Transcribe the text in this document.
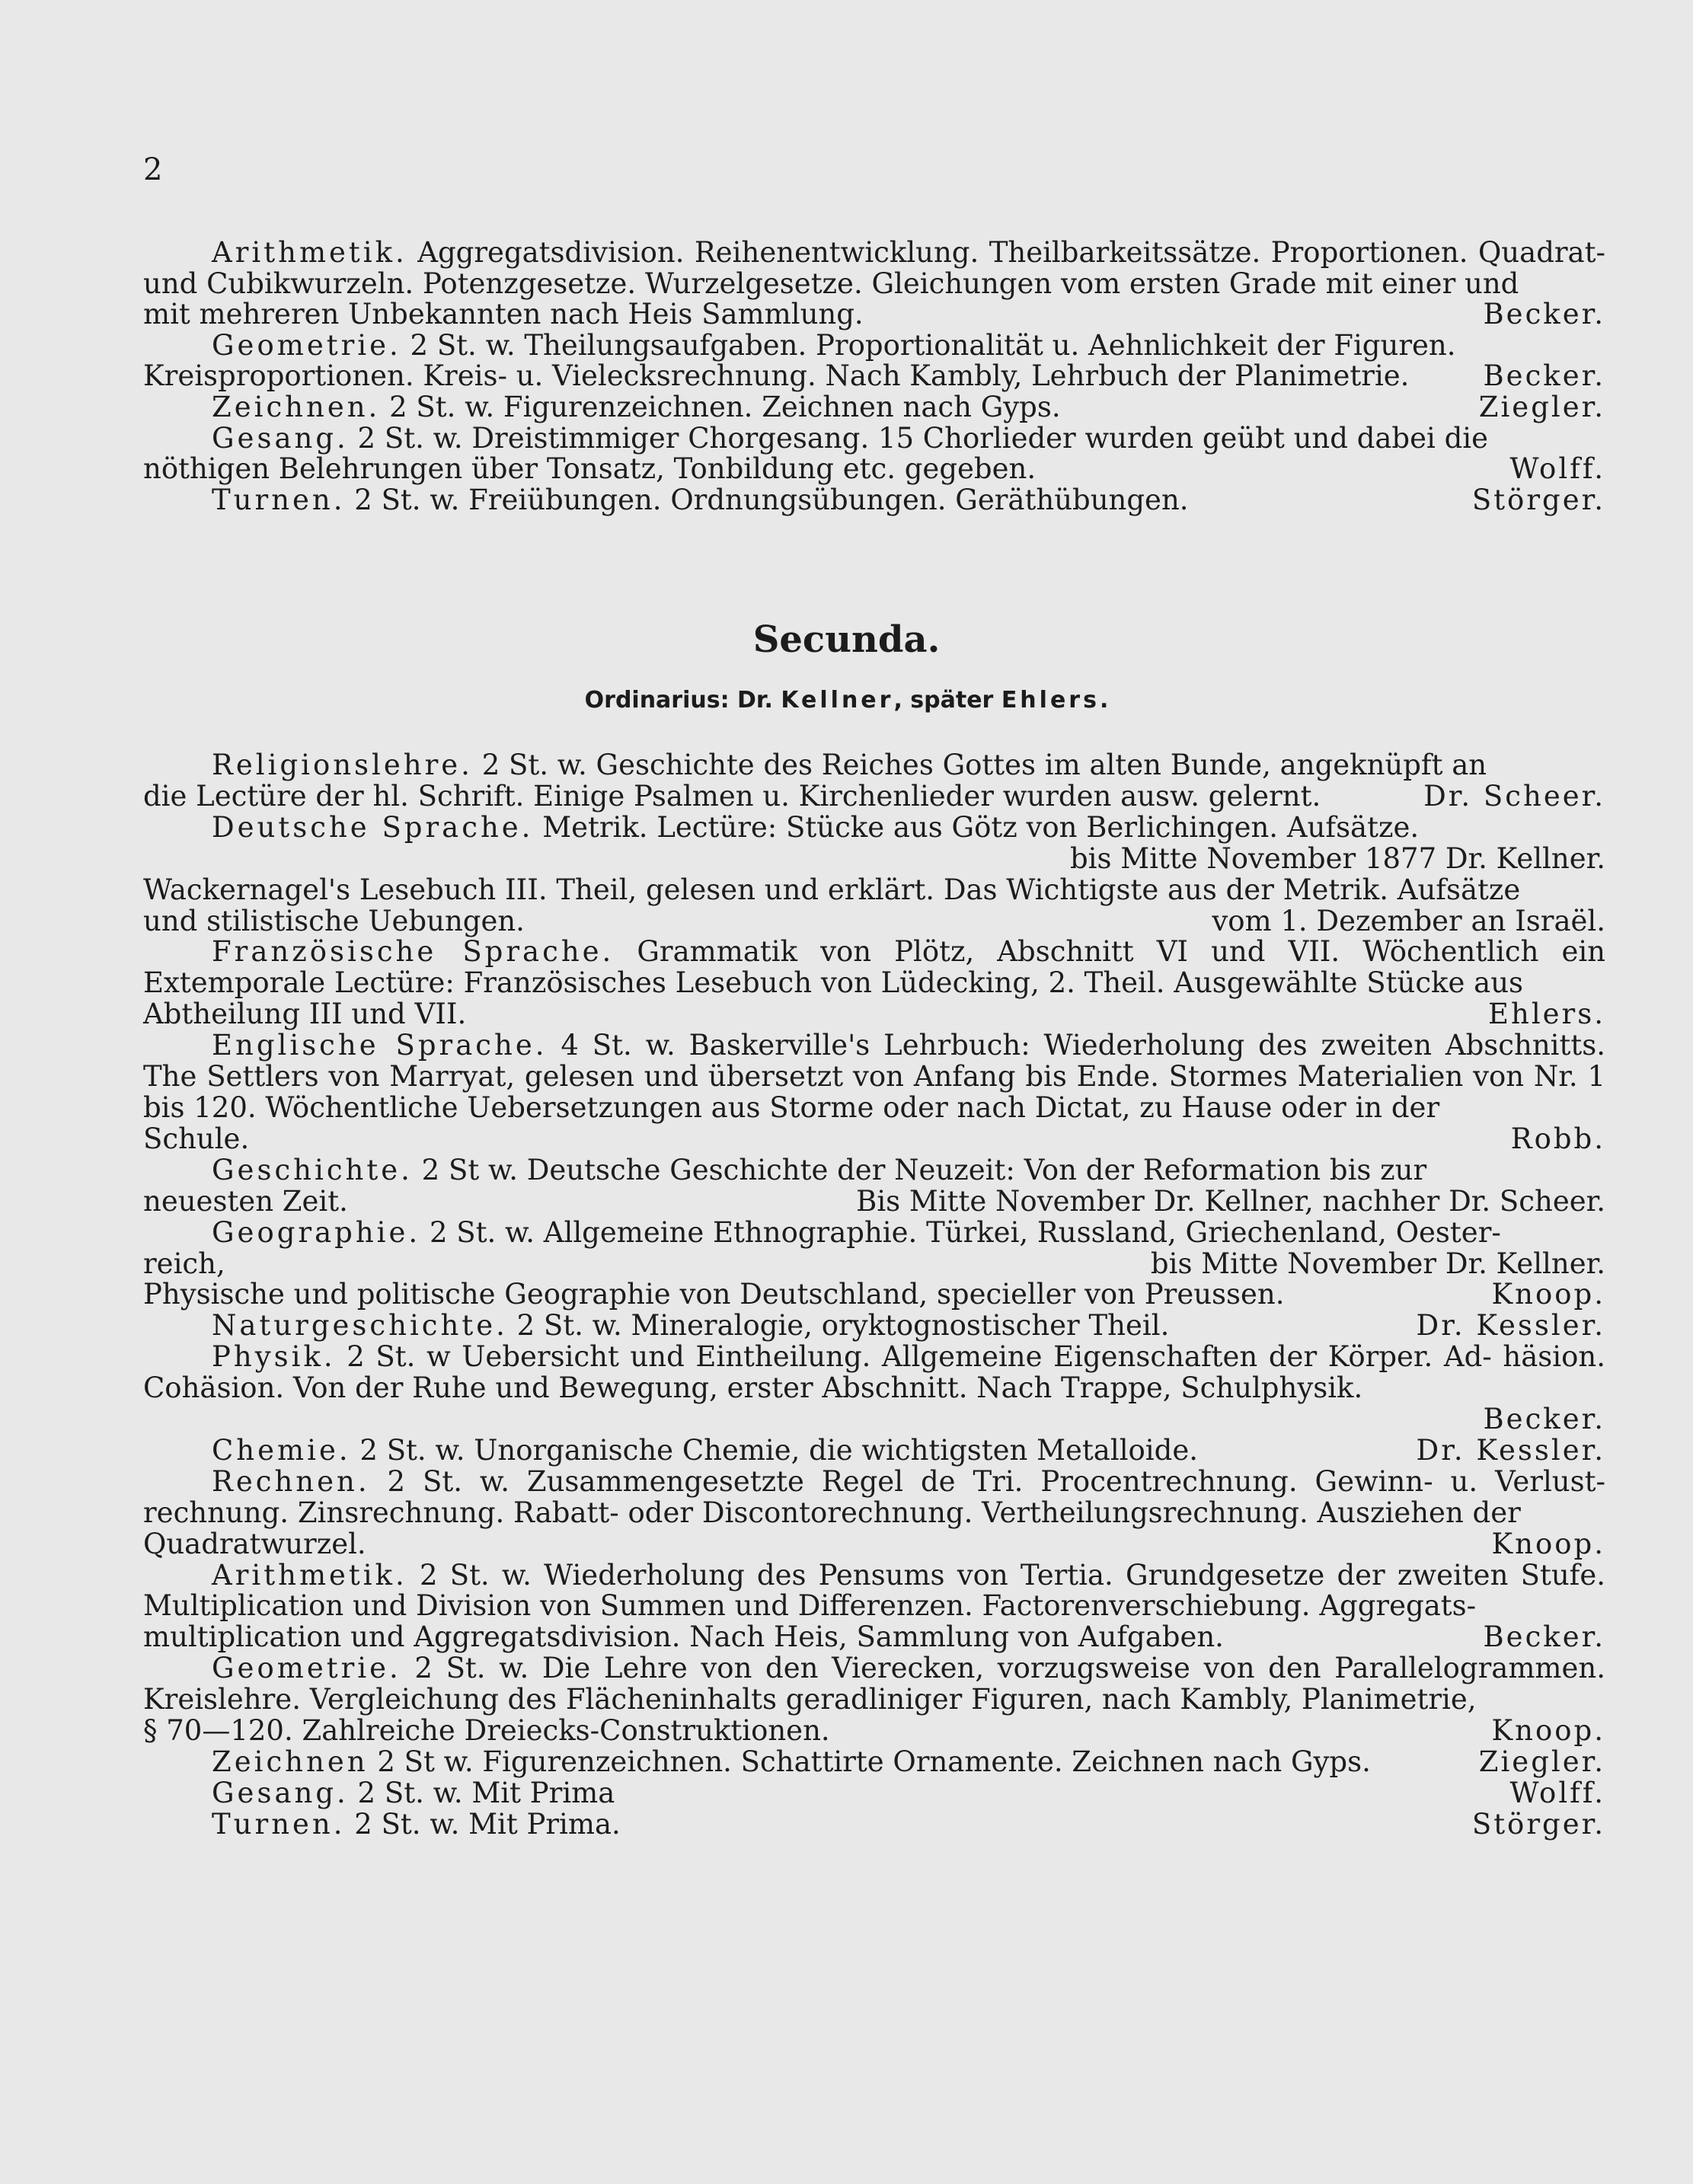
2

Arithmetik. Aggregatsdivision. Reihenentwicklung. Theilbarkeitssätze. Proportionen. Quadrat- und Cubikwurzeln. Potenzgesetze. Wurzelgesetze. Gleichungen vom ersten Grade mit einer und

mit mehreren Unbekannten nach Heis Sammlung.	Becker.

Geometrie. 2 St. w. Theilungsaufgaben. Proportionalität u. Aehnlichkeit der Figuren.

Kreisproportionen. Kreis- u. Vielecksrechnung. Nach Kambly, Lehrbuch der Planimetrie.	Becker.

Zeichnen. 2 St. w. Figurenzeichnen. Zeichnen nach Gyps.	Ziegler.

Gesang. 2 St. w. Dreistimmiger Chorgesang. 15 Chorlieder wurden geübt und dabei die

nöthigen Belehrungen über Tonsatz, Tonbildung etc. gegeben.	Wolff.

Turnen. 2 St. w. Freiübungen. Ordnungsübungen. Geräthübungen.	Störger.

Secunda.
Ordinarius: Dr. Kellner, später Ehlers.

Religionslehre. 2 St. w. Geschichte des Reiches Gottes im alten Bunde, angeknüpft an

die Lectüre der hl. Schrift. Einige Psalmen u. Kirchenlieder wurden ausw. gelernt.	Dr. Scheer.

Deutsche Sprache. Metrik. Lectüre: Stücke aus Götz von Berlichingen. Aufsätze.

bis Mitte November 1877 Dr. Kellner.

Wackernagel's Lesebuch III. Theil, gelesen und erklärt. Das Wichtigste aus der Metrik. Aufsätze

und stilistische Uebungen.	vom 1. Dezember an Israël.

Französische Sprache. Grammatik von Plötz, Abschnitt VI und VII. Wöchentlich ein Extemporale Lectüre: Französisches Lesebuch von Lüdecking, 2. Theil. Ausgewählte Stücke aus

Abtheilung III und VII.	Ehlers.

Englische Sprache. 4 St. w. Baskerville's Lehrbuch: Wiederholung des zweiten Abschnitts. The Settlers von Marryat, gelesen und übersetzt von Anfang bis Ende. Stormes Materialien von Nr. 1 bis 120. Wöchentliche Uebersetzungen aus Storme oder nach Dictat, zu Hause oder in der

Schule.	Robb.

Geschichte. 2 St w. Deutsche Geschichte der Neuzeit: Von der Reformation bis zur

neuesten Zeit.	Bis Mitte November Dr. Kellner, nachher Dr. Scheer.

Geographie. 2 St. w. Allgemeine Ethnographie. Türkei, Russland, Griechenland, Oester-

reich,	bis Mitte November Dr. Kellner.

Physische und politische Geographie von Deutschland, specieller von Preussen.	Knoop.

Naturgeschichte. 2 St. w. Mineralogie, oryktognostischer Theil.	Dr. Kessler.

Physik. 2 St. w Uebersicht und Eintheilung. Allgemeine Eigenschaften der Körper. Ad- häsion. Cohäsion. Von der Ruhe und Bewegung, erster Abschnitt. Nach Trappe, Schulphysik.

Becker.

Chemie. 2 St. w. Unorganische Chemie, die wichtigsten Metalloide.	Dr. Kessler.

Rechnen. 2 St. w. Zusammengesetzte Regel de Tri. Procentrechnung. Gewinn- u. Verlust- rechnung. Zinsrechnung. Rabatt- oder Discontorechnung. Vertheilungsrechnung. Ausziehen der

Quadratwurzel.	Knoop.

Arithmetik. 2 St. w. Wiederholung des Pensums von Tertia. Grundgesetze der zweiten Stufe. Multiplication und Division von Summen und Differenzen. Factorenverschiebung. Aggregats-

multiplication und Aggregatsdivision. Nach Heis, Sammlung von Aufgaben.	Becker.

Geometrie. 2 St. w. Die Lehre von den Vierecken, vorzugsweise von den Parallelogrammen. Kreislehre. Vergleichung des Flächeninhalts geradliniger Figuren, nach Kambly, Planimetrie,

§ 70—120. Zahlreiche Dreiecks-Construktionen.	Knoop.

Zeichnen 2 St w. Figurenzeichnen. Schattirte Ornamente. Zeichnen nach Gyps.	Ziegler.

Gesang. 2 St. w. Mit Prima	Wolff.

Turnen. 2 St. w. Mit Prima.	Störger.
